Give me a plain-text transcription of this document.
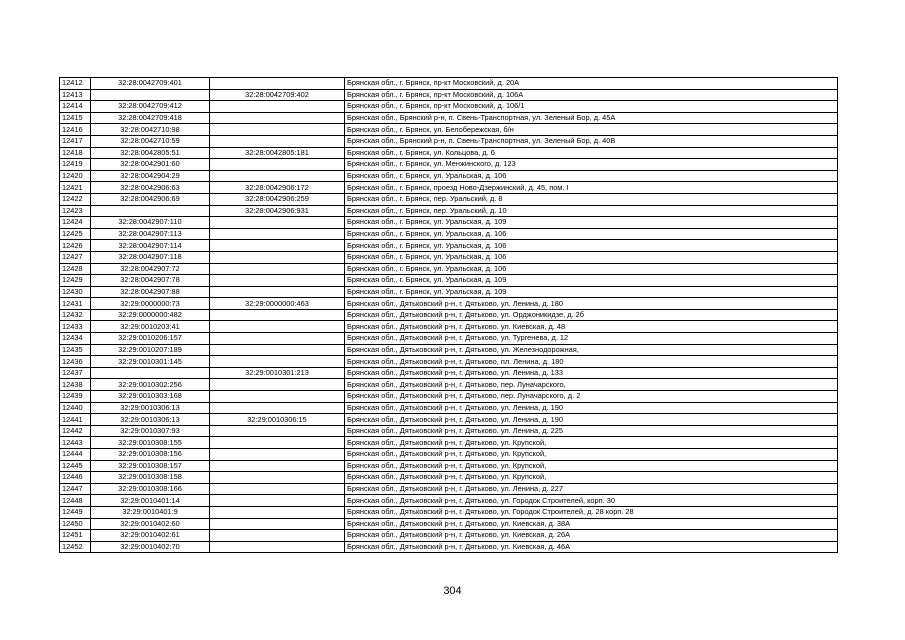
12412	32:28:0042709:401		Брянская обл., г. Брянск, пр-кт Московский, д. 20А
12413		32:28:0042709:402	Брянская обл., г. Брянск, пр-кт Московский, д. 106А
12414	32:28:0042709:412		Брянская обл., г. Брянск, пр-кт Московский, д. 106/1
12415	32:28:0042709:418		Брянская обл., Брянский р-н, п. Свень-Транспортная, ул. Зеленый Бор, д. 45А
12416	32:28:0042710:98		Брянская обл., г. Брянск, ул. Белобережская, б/н
12417	32:28:0042710:59		Брянская обл., Брянский р-н, п. Свень-Транспортная, ул. Зеленый Бор, д. 40В
12418	32:28:0042805:51	32:28:0042805:181	Брянская обл., г. Брянск, ул. Кольцова, д. 6
12419	32:28:0042901:60		Брянская обл., г. Брянск, ул. Менжинского, д. 123
12420	32:28:0042904:29		Брянская обл., г. Брянск, ул. Уральская, д. 106
12421	32:28:0042906:63	32:28:0042906:172	Брянская обл., г. Брянск, проезд Ново-Дзержинский, д. 45, пом. I
12422	32:28:0042906:69	32:28:0042906:259	Брянская обл., г. Брянск, пер. Уральский, д. 8
12423		32:28:0042906:931	Брянская обл., г. Брянск, пер. Уральский, д. 10
12424	32:28:0042907:110		Брянская обл., г. Брянск, ул. Уральская, д. 109
12425	32:28:0042907:113		Брянская обл., г. Брянск, ул. Уральская, д. 106
12426	32:28:0042907:114		Брянская обл., г. Брянск, ул. Уральская, д. 106
12427	32:28:0042907:118		Брянская обл., г. Брянск, ул. Уральская, д. 106
12428	32:28:0042907:72		Брянская обл., г. Брянск, ул. Уральская, д. 106
12429	32:28:0042907:78		Брянская обл., г. Брянск, ул. Уральская, д. 109
12430	32:28:0042907:88		Брянская обл., г. Брянск, ул. Уральская, д. 109
12431	32:29:0000000:73	32:29:0000000:463	Брянская обл., Дятьковский р-н, г. Дятьково, ул. Ленина, д. 180
12432	32:29:0000000:482		Брянская обл., Дятьковский р-н, г. Дятьково, ул. Орджоникидзе, д. 2б
12433	32:29:0010203:41		Брянская обл., Дятьковский р-н, г. Дятьково, ул. Киевская, д. 48
12434	32:29:0010206:157		Брянская обл., Дятьковский р-н, г. Дятьково, ул. Тургенева, д. 12
12435	32:29:0010207:189		Брянская обл., Дятьковский р-н, г. Дятьково, ул. Железнодорожная,
12436	32:29:0010301:145		Брянская обл., Дятьковский р-н, г. Дятьково, пл. Ленина, д. 180
12437		32:29:0010301:213	Брянская обл., Дятьковский р-н, г. Дятьково, ул. Ленина, д. 133
12438	32:29:0010302:256		Брянская обл., Дятьковский р-н, г. Дятьково, пер. Луначарского,
12439	32:29:0010303:168		Брянская обл., Дятьковский р-н, г. Дятьково, пер. Луначарского, д. 2
12440	32:29:0010306:13		Брянская обл., Дятьковский р-н, г. Дятьково, ул. Ленина, д. 190
12441	32:29:0010306:13	32:29:0010306:15	Брянская обл., Дятьковский р-н, г. Дятьково, ул. Ленина, д. 190
12442	32:29:0010307:93		Брянская обл., Дятьковский р-н, г. Дятьково, ул. Ленина, д. 225
12443	32:29:0010308:155		Брянская обл., Дятьковский р-н, г. Дятьково, ул. Крупской,
12444	32:29:0010308:156		Брянская обл., Дятьковский р-н, г. Дятьково, ул. Крупской,
12445	32:29:0010308:157		Брянская обл., Дятьковский р-н, г. Дятьково, ул. Крупской,
12446	32:29:0010308:158		Брянская обл., Дятьковский р-н, г. Дятьково, ул. Крупской,
12447	32:29:0010308:166		Брянская обл., Дятьковский р-н, г. Дятьково, ул. Ленина, д. 227
12448	32:29:0010401:14		Брянская обл., Дятьковский р-н, г. Дятьково, ул. Городок Строителей, корп. 30
12449	32:29:0010401:9		Брянская обл., Дятьковский р-н, г. Дятьково, ул. Городок Строителей, д. 28 корп. 28
12450	32:29:0010402:60		Брянская обл., Дятьковский р-н, г. Дятьково, ул. Киевская, д. 38А
12451	32:29:0010402:61		Брянская обл., Дятьковский р-н, г. Дятьково, ул. Киевская, д. 26А
12452	32:29:0010402:70		Брянская обл., Дятьковский р-н, г. Дятьково, ул. Киевская, д. 46А
304
